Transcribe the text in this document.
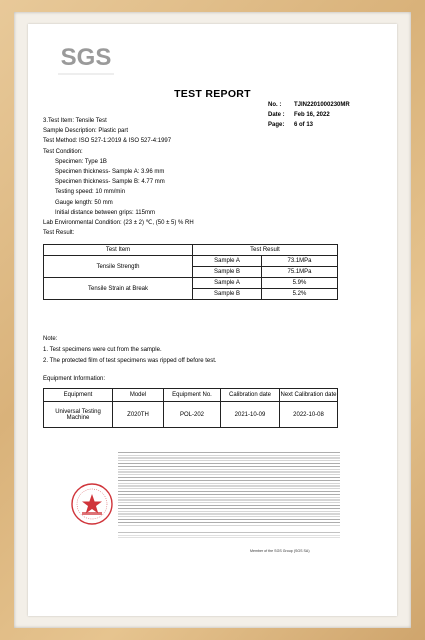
SGS
TEST REPORT
No. : TJIN2201000230MR
Date : Feb 16, 2022
Page: 6 of 13
3.Test Item: Tensile Test
Sample Description: Plastic part
Test Method: ISO 527-1:2019 & ISO 527-4:1997
Test Condition:
Specimen: Type 1B
Specimen thickness- Sample A: 3.96 mm
Specimen thickness- Sample B: 4.77 mm
Testing speed: 10 mm/min
Gauge length: 50 mm
Initial distance between grips: 115mm
Lab Environmental Condition: (23 ± 2) ℃, (50 ± 5) % RH
Test Result:
Test Item	Test Result	
Tensile Strength	Sample A	73.1MPa
	Sample B	75.1MPa
Tensile Strain at Break	Sample A	5.9%
	Sample B	5.2%
Note:
1. Test specimens were cut from the sample.
2. The protected film of test specimens was ripped off before test.
Equipment Information:
Equipment	Model	Equipment No.	Calibration date	Next Calibration date
Universal Testing Machine	Z020TH	POL-202	2021-10-09	2022-10-08
Member of the SGS Group (SGS SA)
